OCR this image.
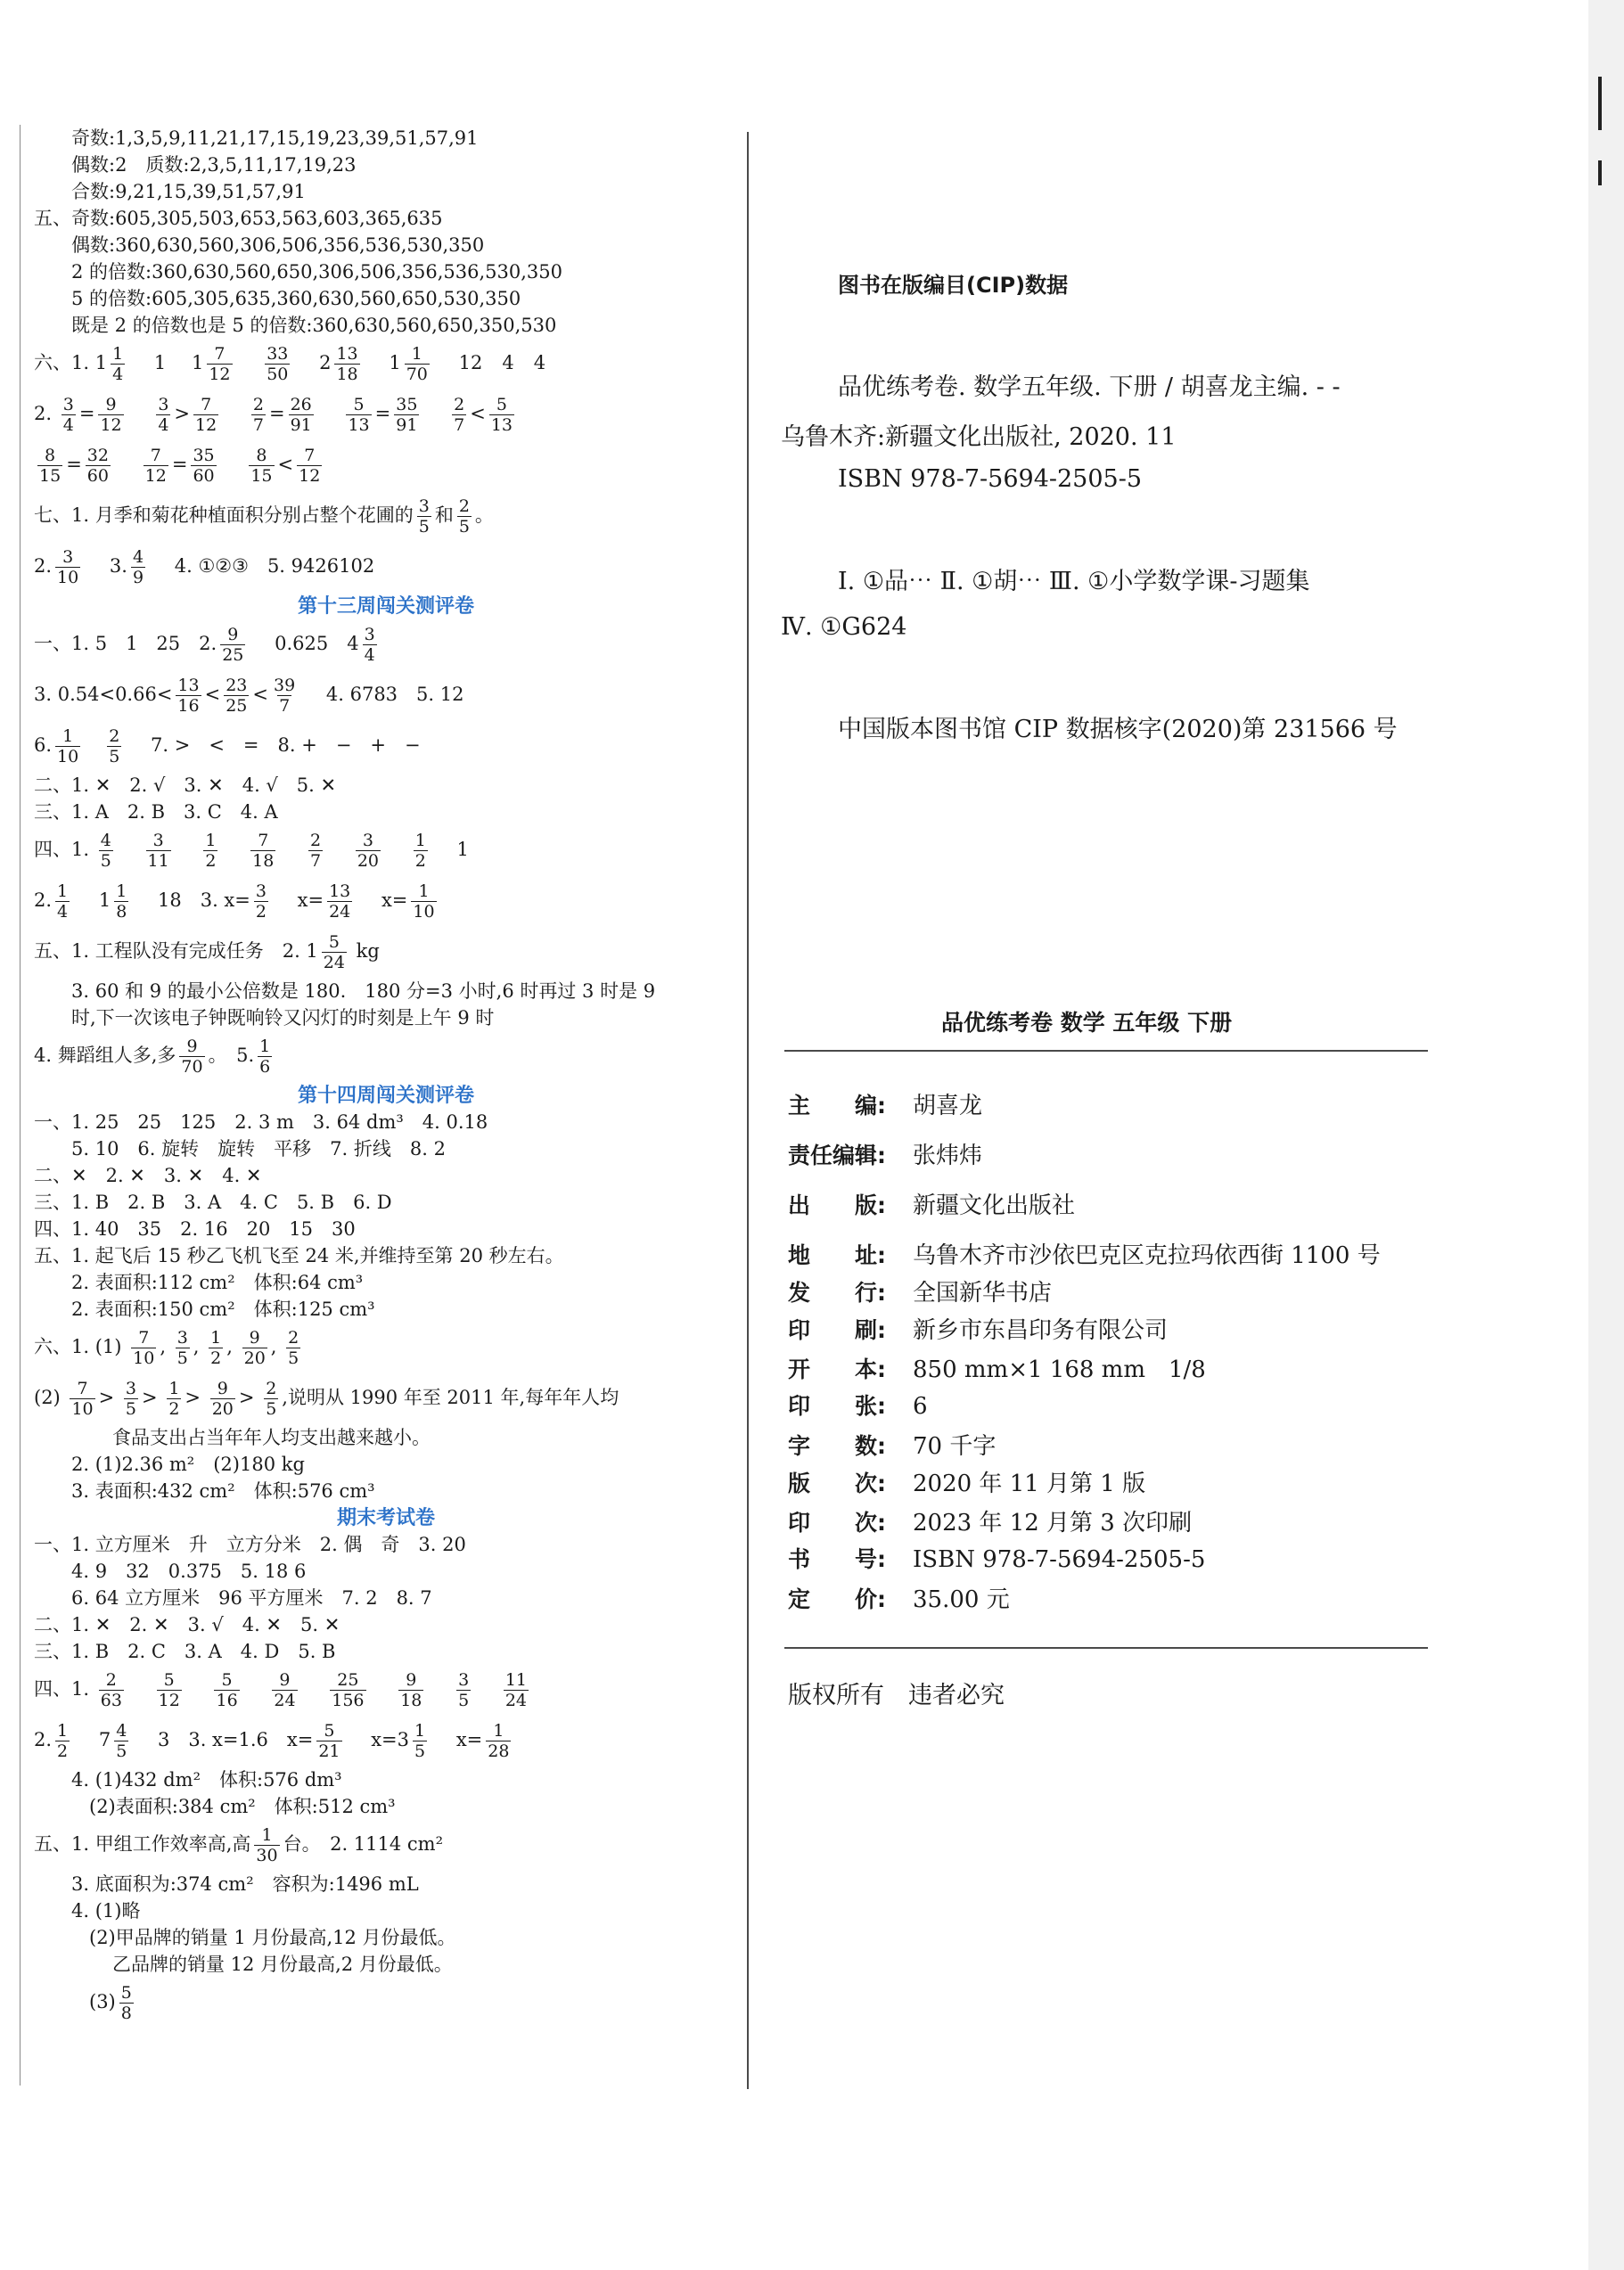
奇数:1,3,5,9,11,21,17,15,19,23,39,51,57,91
偶数:2　质数:2,3,5,11,17,19,23
合数:9,21,15,39,51,57,91
五、奇数:605,305,503,653,563,603,365,635
偶数:360,630,560,306,506,356,536,530,350
2 的倍数:360,630,560,650,306,506,356,536,530,350
5 的倍数:605,305,635,360,630,560,650,530,350
既是 2 的倍数也是 5 的倍数:360,630,560,650,350,530
六、1. $1 \frac{1}{4} 1$ $1 \frac{7}{12}$
$\frac{33}{50} 2 \frac{13}{18} 1 \frac{1}{70} 12$ 4 4
2. $\frac{3}{4} = \frac{9}{12}$
$\frac{3}{4} > \frac{7}{12}$
$\frac{2}{7} = \frac{26}{91}$
$\frac{5}{13} = \frac{35}{91}$
$\frac{2}{7} < \frac{5}{13}$
$\frac{8}{15} = \frac{32}{60}$
$\frac{7}{12} = \frac{35}{60}$
$\frac{8}{15} < \frac{7}{12}$
七、1. 月季和菊花种植面积分别占整个花圃的 $\frac{3}{5}$ 和 $\frac{2}{5}$ 。
2. $\frac{3}{10} 3$. $\frac{4}{9} 4$. ①②③　5. 9426102
第十三周闯关测评卷
一、1. 5　1　25　2. $\frac{9}{25} 0.625$　$4 \frac{3}{4}$
3. $0.54<0.66< \frac{13}{16} < \frac{23}{25} < \frac{39}{7} 4$. 6783　5. 12
6. $\frac{1}{10} \frac{2}{5} 7$. >　<　=　8. +　−　+　−
二、1. ✕　2. √　3. ✕　4. √　5. ✕
三、1. A　2. B　3. C　4. A
四、1. $\frac{4}{5}$
$\frac{3}{11}$
$\frac{1}{2}$
$\frac{7}{18}$
$\frac{2}{7}$
$\frac{3}{20}$
$\frac{1}{2} 1$
2. $\frac{1}{4} 1 \frac{1}{8} 18$　3. $x= \frac{3}{2} x= \frac{13}{24} x= \frac{1}{10}$
五、1. 工程队没有完成任务　2. $1 \frac{5}{24}$ kg
3. 60 和 9 的最小公倍数是 180.　180 分=3 小时,6 时再过 3 时是 9
时,下一次该电子钟既响铃又闪灯的时刻是上午 9 时
4. 舞蹈组人多,多 $\frac{9}{70}$ 。　5. $\frac{1}{6}$
第十四周闯关测评卷
一、1. 25　25　125　2. 3 m　3. 64 dm³　4. 0.18
5. 10　6. 旋转　旋转　平移　7. 折线　8. 2
二、✕　2. ✕　3. ✕　4. ✕
三、1. B　2. B　3. A　4. C　5. B　6. D
四、1. 40　35　2. 16　20　15　30
五、1. 起飞后 15 秒乙飞机飞至 24 米,并维持至第 20 秒左右。
2. 表面积:112 cm²　体积:64 cm³
2. 表面积:150 cm²　体积:125 cm³
六、1. $(1) \frac{7}{10}$ , $\frac{3}{5}$ , $\frac{1}{2}$ , $\frac{9}{20}$ , $\frac{2}{5}$
$(2) \frac{7}{10} > \frac{3}{5} > \frac{1}{2} > \frac{9}{20} > \frac{2}{5}$ ,说明从 1990 年至 2011 年,每年年人均
食品支出占当年年人均支出越来越小。
2. (1)2.36 m²　(2)180 kg
3. 表面积:432 cm²　体积:576 cm³
期末考试卷
一、1. 立方厘米　升　立方分米　2. 偶　奇　3. 20
4. 9　32　0.375　5. 18 6
6. 64 立方厘米　96 平方厘米　7. 2　8. 7
二、1. ✕　2. ✕　3. √　4. ✕　5. ✕
三、1. B　2. C　3. A　4. D　5. B
四、1. $\frac{2}{63}$
$\frac{5}{12}$
$\frac{5}{16}$
$\frac{9}{24}$
$\frac{25}{156}$
$\frac{9}{18}$
$\frac{3}{5}$
$\frac{11}{24}$
2. $\frac{1}{2} 7 \frac{4}{5} 3$　3. x=1.6　$x= \frac{5}{21} x=3 \frac{1}{5} x= \frac{1}{28}$
4. (1)432 dm²　体积:576 dm³
(2)表面积:384 cm²　体积:512 cm³
五、1. 甲组工作效率高,高 $\frac{1}{30}$ 台。　2. 1114 cm²
3. 底面积为:374 cm²　容积为:1496 mL
4. (1)略
(2)甲品牌的销量 1 月份最高,12 月份最低。
乙品牌的销量 12 月份最高,2 月份最低。
$(3) \frac{5}{8}$
图书在版编目(CIP)数据
品优练考卷. 数学五年级. 下册 / 胡喜龙主编. - -
乌鲁木齐:新疆文化出版社, 2020. 11
ISBN 978-7-5694-2505-5
Ⅰ. ①品⋯ Ⅱ. ①胡⋯ Ⅲ. ①小学数学课-习题集
Ⅳ. ①G624
中国版本图书馆 CIP 数据核字(2020)第 231566 号
品优练考卷 数学 五年级 下册
主　　编: 胡喜龙
责任编辑: 张炜炜
出　　版: 新疆文化出版社
地　　址: 乌鲁木齐市沙依巴克区克拉玛依西街 1100 号
发　　行: 全国新华书店
印　　刷: 新乡市东昌印务有限公司
开　　本: 850 mm×1 168 mm　1/8
印　　张: 6
字　　数: 70 千字
版　　次: 2020 年 11 月第 1 版
印　　次: 2023 年 12 月第 3 次印刷
书　　号: ISBN 978-7-5694-2505-5
定　　价: 35.00 元
版权所有　违者必究
